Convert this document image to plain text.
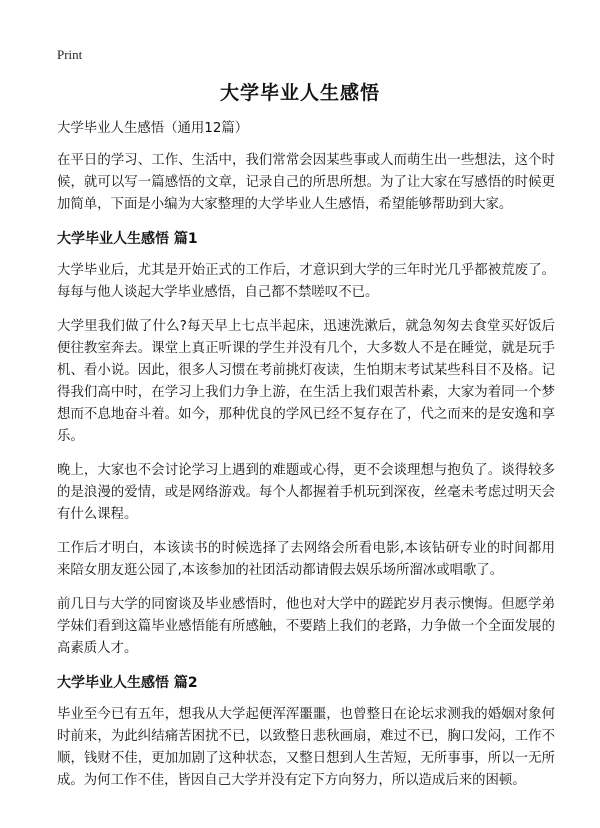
Print
大学毕业人生感悟

大学毕业人生感悟（通用12篇）

在平日的学习、工作、生活中，我们常常会因某些事或人而萌生出一些想法，这个时候，就可以写一篇感悟的文章，记录自己的所思所想。为了让大家在写感悟的时候更加简单，下面是小编为大家整理的大学毕业人生感悟，希望能够帮助到大家。

大学毕业人生感悟 篇1

大学毕业后，尤其是开始正式的工作后，才意识到大学的三年时光几乎都被荒废了。每每与他人谈起大学毕业感悟，自己都不禁嗟叹不已。

大学里我们做了什么?每天早上七点半起床，迅速洗漱后，就急匆匆去食堂买好饭后便往教室奔去。课堂上真正听课的学生并没有几个，大多数人不是在睡觉，就是玩手机、看小说。因此，很多人习惯在考前挑灯夜读，生怕期末考试某些科目不及格。记得我们高中时，在学习上我们力争上游，在生活上我们艰苦朴素，大家为着同一个梦想而不息地奋斗着。如今，那种优良的学风已经不复存在了，代之而来的是安逸和享乐。

晚上，大家也不会讨论学习上遇到的难题或心得，更不会谈理想与抱负了。谈得较多的是浪漫的爱情，或是网络游戏。每个人都握着手机玩到深夜，丝毫未考虑过明天会有什么课程。

工作后才明白，本该读书的时候选择了去网络会所看电影,本该钻研专业的时间都用来陪女朋友逛公园了,本该参加的社团活动都请假去娱乐场所溜冰或唱歌了。

前几日与大学的同窗谈及毕业感悟时，他也对大学中的蹉跎岁月表示懊悔。但愿学弟学妹们看到这篇毕业感悟能有所感触，不要踏上我们的老路，力争做一个全面发展的高素质人才。

大学毕业人生感悟 篇2

毕业至今已有五年，想我从大学起便浑浑噩噩，也曾整日在论坛求测我的婚姻对象何时前来，为此纠结痛苦困扰不已，以致整日悲秋画扇，难过不已，胸口发闷，工作不顺，钱财不佳，更加加剧了这种状态，又整日想到人生苦短，无所事事，所以一无所成。为何工作不佳，皆因自己大学并没有定下方向努力，所以造成后来的困顿。
